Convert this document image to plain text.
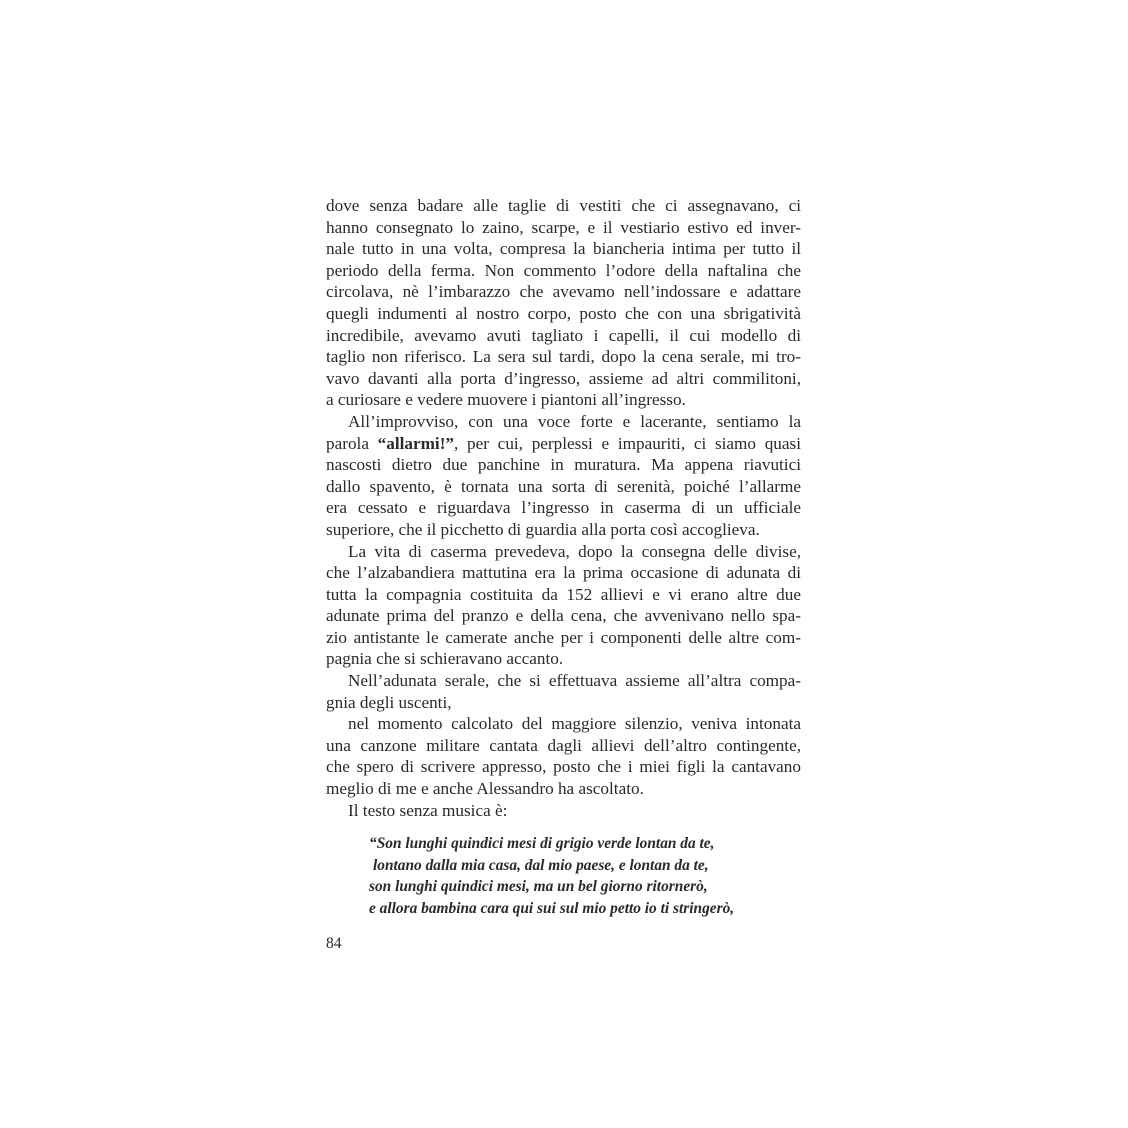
dove senza badare alle taglie di vestiti che ci assegnavano, ci
hanno consegnato lo zaino, scarpe, e il vestiario estivo ed inver-
nale tutto in una volta, compresa la biancheria intima per tutto il
periodo della ferma. Non commento l’odore della naftalina che
circolava, nè l’imbarazzo che avevamo nell’indossare e adattare
quegli indumenti al nostro corpo, posto che con una sbrigatività
incredibile, avevamo avuti tagliato i capelli, il cui modello di
taglio non riferisco. La sera sul tardi, dopo la cena serale, mi tro-
vavo davanti alla porta d’ingresso, assieme ad altri commilitoni,
a curiosare e vedere muovere i piantoni all’ingresso.
All’improvviso, con una voce forte e lacerante, sentiamo la
parola “allarmi!”, per cui, perplessi e impauriti, ci siamo quasi
nascosti dietro due panchine in muratura. Ma appena riavutici
dallo spavento, è tornata una sorta di serenità, poiché l’allarme
era cessato e riguardava l’ingresso in caserma di un ufficiale
superiore, che il picchetto di guardia alla porta così accoglieva.
La vita di caserma prevedeva, dopo la consegna delle divise,
che l’alzabandiera mattutina era la prima occasione di adunata di
tutta la compagnia costituita da 152 allievi e vi erano altre due
adunate prima del pranzo e della cena, che avvenivano nello spa-
zio antistante le camerate anche per i componenti delle altre com-
pagnia che si schieravano accanto.
Nell’adunata serale, che si effettuava assieme all’altra compa-
gnia degli uscenti,
nel momento calcolato del maggiore silenzio, veniva intonata
una canzone militare cantata dagli allievi dell’altro contingente,
che spero di scrivere appresso, posto che i miei figli la cantavano
meglio di me e anche Alessandro ha ascoltato.
Il testo senza musica è:
“Son lunghi quindici mesi di grigio verde lontan da te,
lontano dalla mia casa, dal mio paese, e lontan da te,
son lunghi quindici mesi, ma un bel giorno ritornerò,
e allora bambina cara qui sui sul mio petto io ti stringerò,
84
